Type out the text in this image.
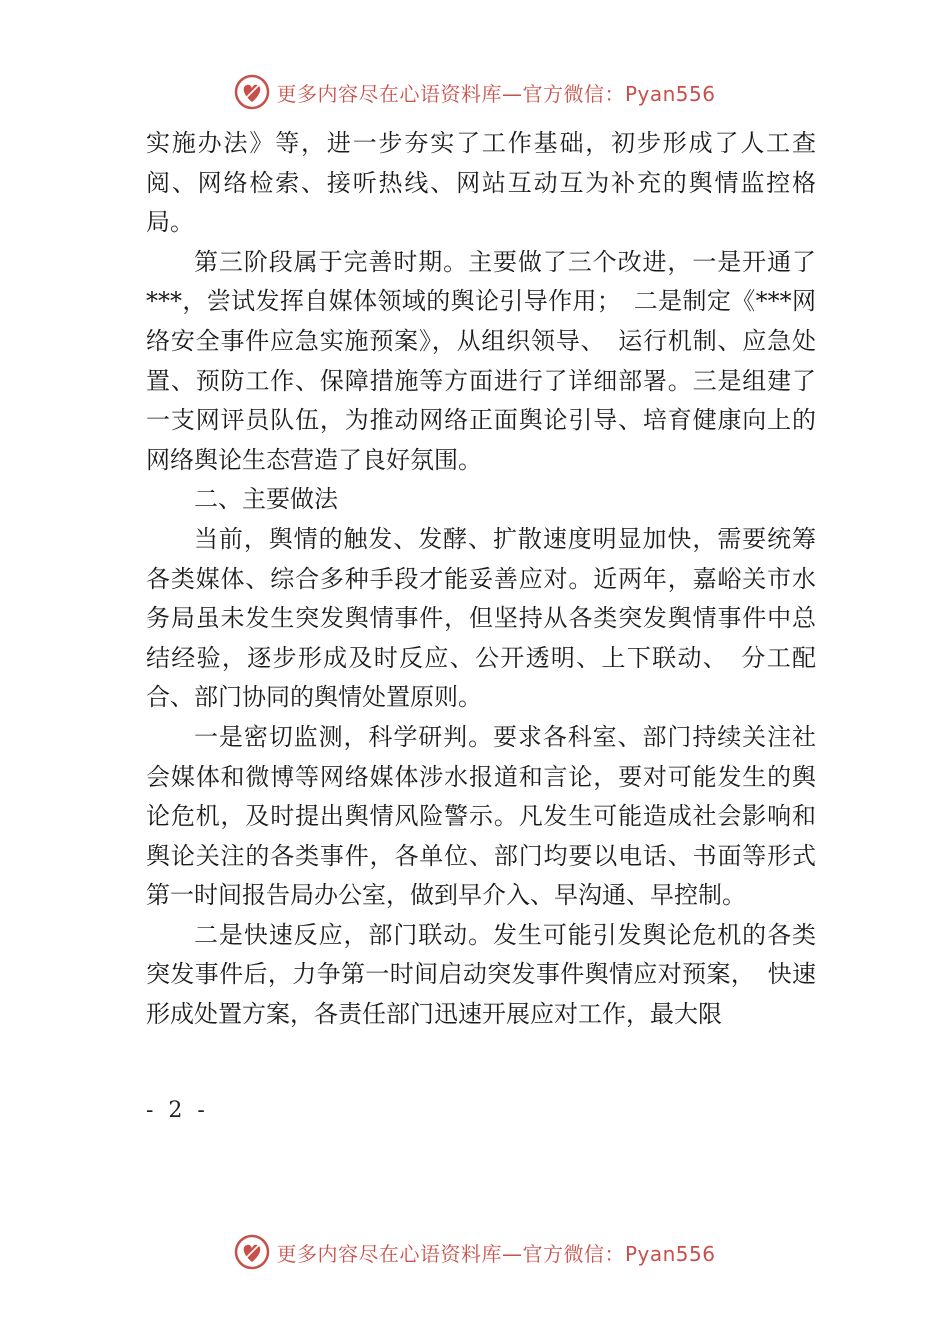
更多内容尽在心语资料库—官方微信：Pyan556

实施办法》等，进一步夯实了工作基础，初步形成了人工查阅、网络检索、接听热线、网站互动互为补充的舆情监控格局。

第三阶段属于完善时期。主要做了三个改进，一是开通了***，尝试发挥自媒体领域的舆论引导作用；　二是制定《***网络安全事件应急实施预案》，从组织领导、　运行机制、应急处置、预防工作、保障措施等方面进行了详细部署。三是组建了一支网评员队伍，为推动网络正面舆论引导、培育健康向上的网络舆论生态营造了良好氛围。

二、主要做法

当前，舆情的触发、发酵、扩散速度明显加快，需要统筹各类媒体、综合多种手段才能妥善应对。近两年，嘉峪关市水务局虽未发生突发舆情事件，但坚持从各类突发舆情事件中总结经验，逐步形成及时反应、公开透明、上下联动、　分工配合、部门协同的舆情处置原则。

一是密切监测，科学研判。要求各科室、部门持续关注社会媒体和微博等网络媒体涉水报道和言论，要对可能发生的舆论危机，及时提出舆情风险警示。凡发生可能造成社会影响和舆论关注的各类事件，各单位、部门均要以电话、书面等形式第一时间报告局办公室，做到早介入、早沟通、早控制。

二是快速反应，部门联动。发生可能引发舆论危机的各类突发事件后，力争第一时间启动突发事件舆情应对预案，　快速形成处置方案，各责任部门迅速开展应对工作，最大限

- 2 -
更多内容尽在心语资料库—官方微信：Pyan556
